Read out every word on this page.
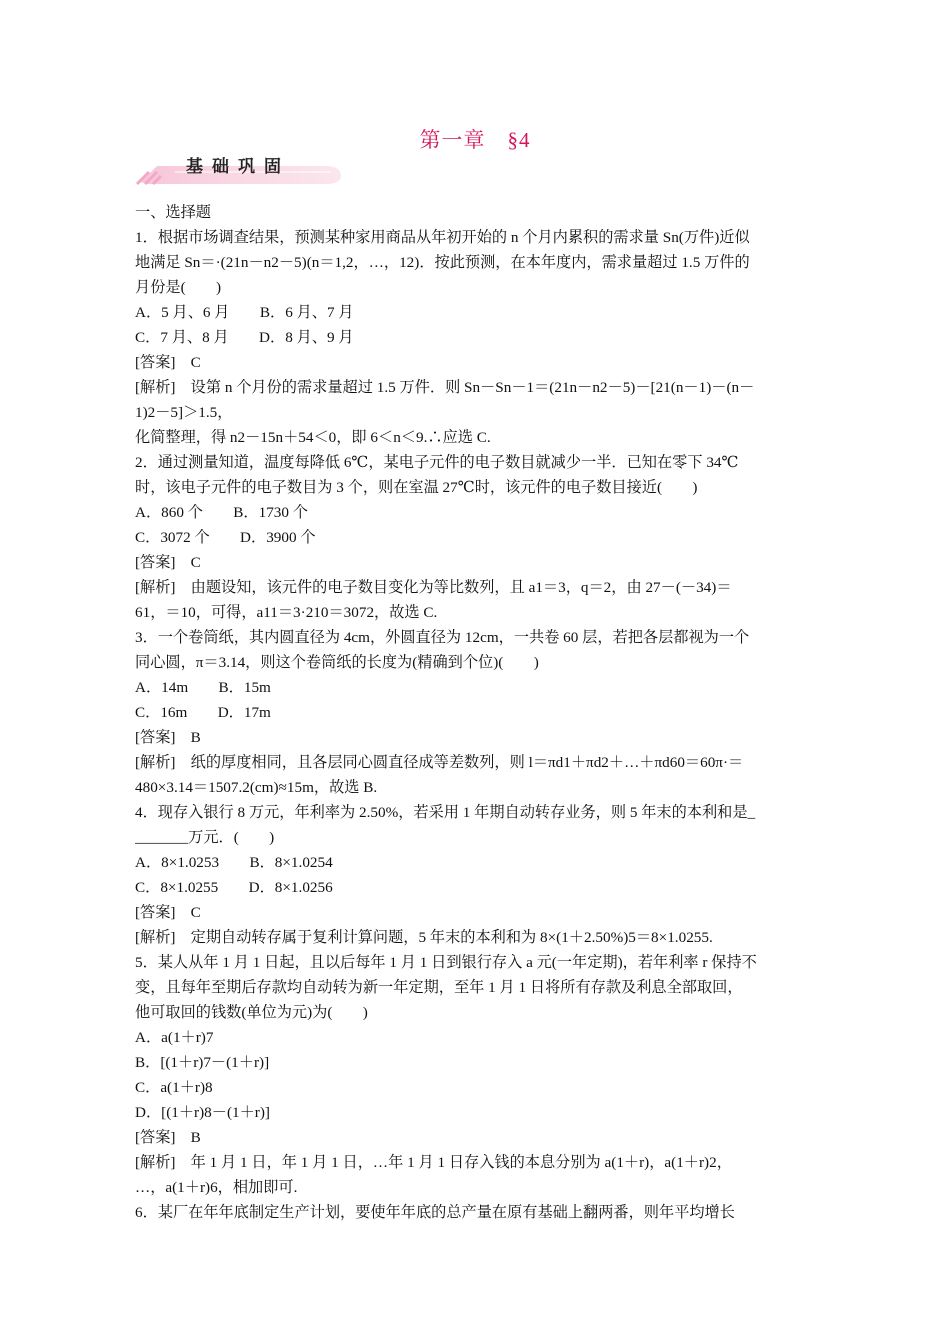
第一章　§4
基础巩固
一、选择题
1．根据市场调查结果，预测某种家用商品从年初开始的 n 个月内累积的需求量 Sn(万件)近似
地满足 Sn＝·(21n－n2－5)(n＝1,2，…，12)．按此预测，在本年度内，需求量超过 1.5 万件的
月份是(　　)
A．5 月、6 月　　B．6 月、7 月
C．7 月、8 月　　D．8 月、9 月
[答案]　C
[解析]　设第 n 个月份的需求量超过 1.5 万件．则 Sn－Sn－1＝(21n－n2－5)－[21(n－1)－(n－
1)2－5]＞1.5，
化简整理，得 n2－15n＋54＜0，即 6＜n＜9.∴应选 C.
2．通过测量知道，温度每降低 6℃，某电子元件的电子数目就减少一半．已知在零下 34℃
时，该电子元件的电子数目为 3 个，则在室温 27℃时，该元件的电子数目接近(　　)
A．860 个　　B．1730 个
C．3072 个　　D．3900 个
[答案]　C
[解析]　由题设知，该元件的电子数目变化为等比数列，且 a1＝3，q＝2，由 27－(－34)＝
61，＝10，可得，a11＝3·210＝3072，故选 C.
3．一个卷筒纸，其内圆直径为 4cm，外圆直径为 12cm，一共卷 60 层，若把各层都视为一个
同心圆，π＝3.14，则这个卷筒纸的长度为(精确到个位)(　　)
A．14m　　B．15m
C．16m　　D．17m
[答案]　B
[解析]　纸的厚度相同，且各层同心圆直径成等差数列，则 l＝πd1＋πd2＋…＋πd60＝60π·＝
480×3.14＝1507.2(cm)≈15m，故选 B.
4．现存入银行 8 万元，年利率为 2.50%，若采用 1 年期自动转存业务，则 5 年末的本利和是_
_______万元．(　　)
A．8×1.0253　　B．8×1.0254
C．8×1.0255　　D．8×1.0256
[答案]　C
[解析]　定期自动转存属于复利计算问题，5 年末的本利和为 8×(1＋2.50%)5＝8×1.0255.
5．某人从年 1 月 1 日起，且以后每年 1 月 1 日到银行存入 a 元(一年定期)，若年利率 r 保持不
变，且每年至期后存款均自动转为新一年定期，至年 1 月 1 日将所有存款及利息全部取回，
他可取回的钱数(单位为元)为(　　)
A．a(1＋r)7
B．[(1＋r)7－(1＋r)]
C．a(1＋r)8
D．[(1＋r)8－(1＋r)]
[答案]　B
[解析]　年 1 月 1 日，年 1 月 1 日，…年 1 月 1 日存入钱的本息分别为 a(1＋r)，a(1＋r)2，
…，a(1＋r)6，相加即可.
6．某厂在年年底制定生产计划，要使年年底的总产量在原有基础上翻两番，则年平均增长
